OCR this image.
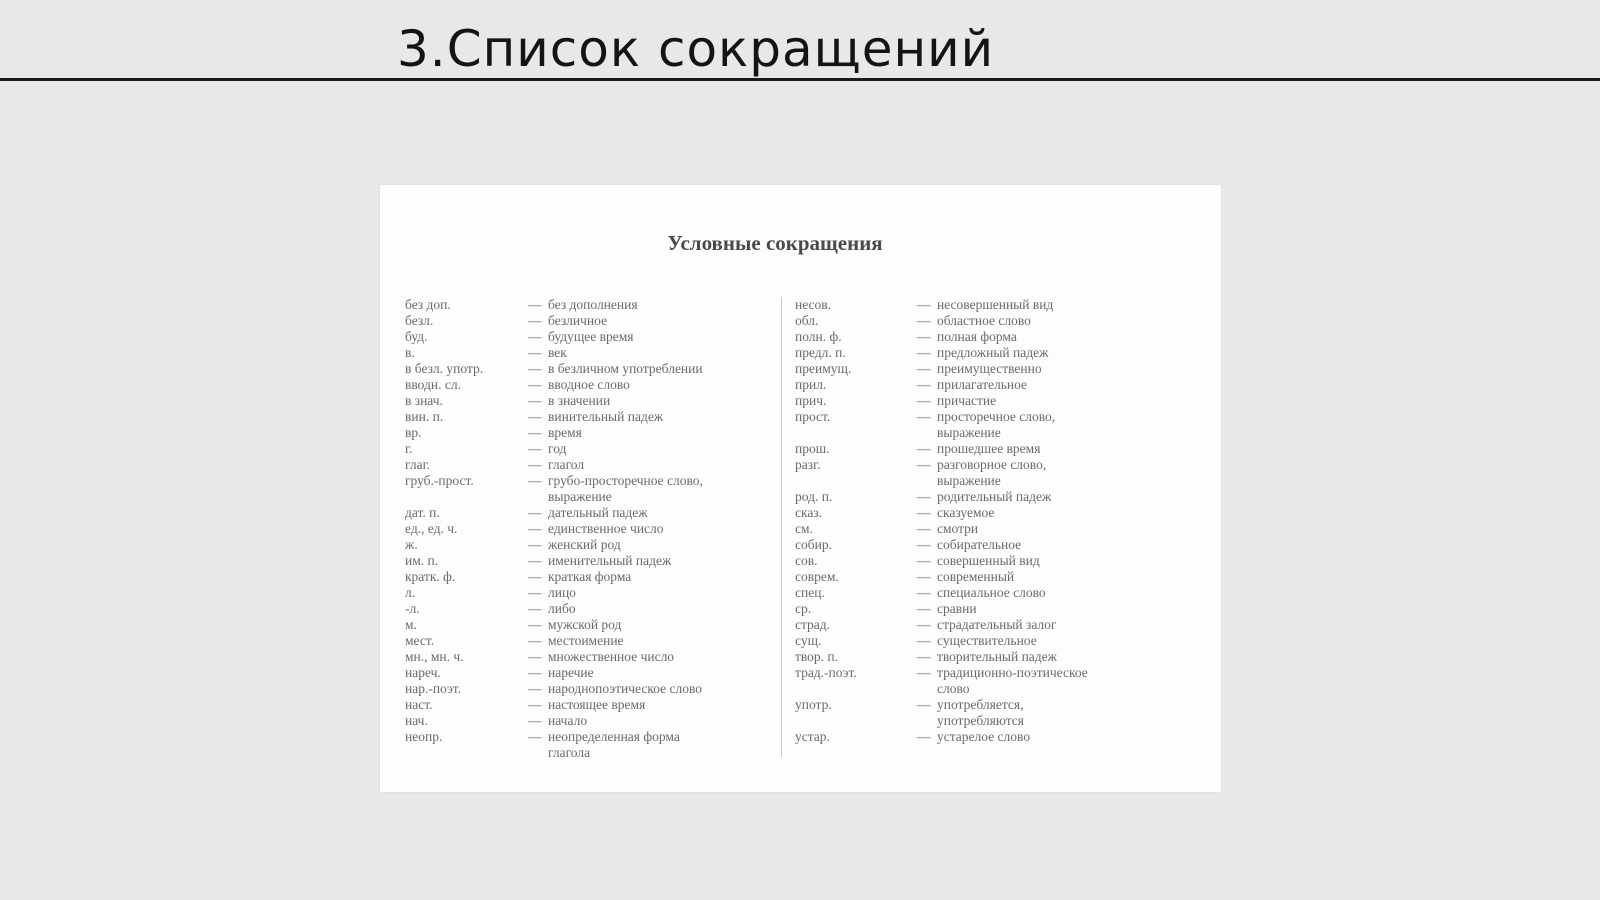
3.Список сокращений
Условные сокращения
без доп.	— без дополнения
безл.	— безличное
буд.	— будущее время
в.	— век
в безл. употр.	— в безличном употреблении
вводн. сл.	— вводное слово
в знач.	— в значении
вин. п.	— винительный падеж
вр.	— время
г.	— год
глаг.	— глагол
груб.-прост.	— грубо-просторечное слово,
выражение
дат. п.	— дательный падеж
ед., ед. ч.	— единственное число
ж.	— женский род
им. п.	— именительный падеж
кратк. ф.	— краткая форма
л.	— лицо
-л.	— либо
м.	— мужской род
мест.	— местоимение
мн., мн. ч.	— множественное число
нареч.	— наречие
нар.-поэт.	— народнопоэтическое слово
наст.	— настоящее время
нач.	— начало
неопр.	— неопределенная форма
глагола
несов.	— несовершенный вид
обл.	— областное слово
полн. ф.	— полная форма
предл. п.	— предложный падеж
преимущ.	— преимущественно
прил.	— прилагательное
прич.	— причастие
прост.	— просторечное слово,
выражение
прош.	— прошедшее время
разг.	— разговорное слово,
выражение
род. п.	— родительный падеж
сказ.	— сказуемое
см.	— смотри
собир.	— собирательное
сов.	— совершенный вид
соврем.	— современный
спец.	— специальное слово
ср.	— сравни
страд.	— страдательный залог
сущ.	— существительное
твор. п.	— творительный падеж
трад.-поэт.	— традиционно-поэтическое
слово
употр.	— употребляется,
употребляются
устар.	— устарелое слово
